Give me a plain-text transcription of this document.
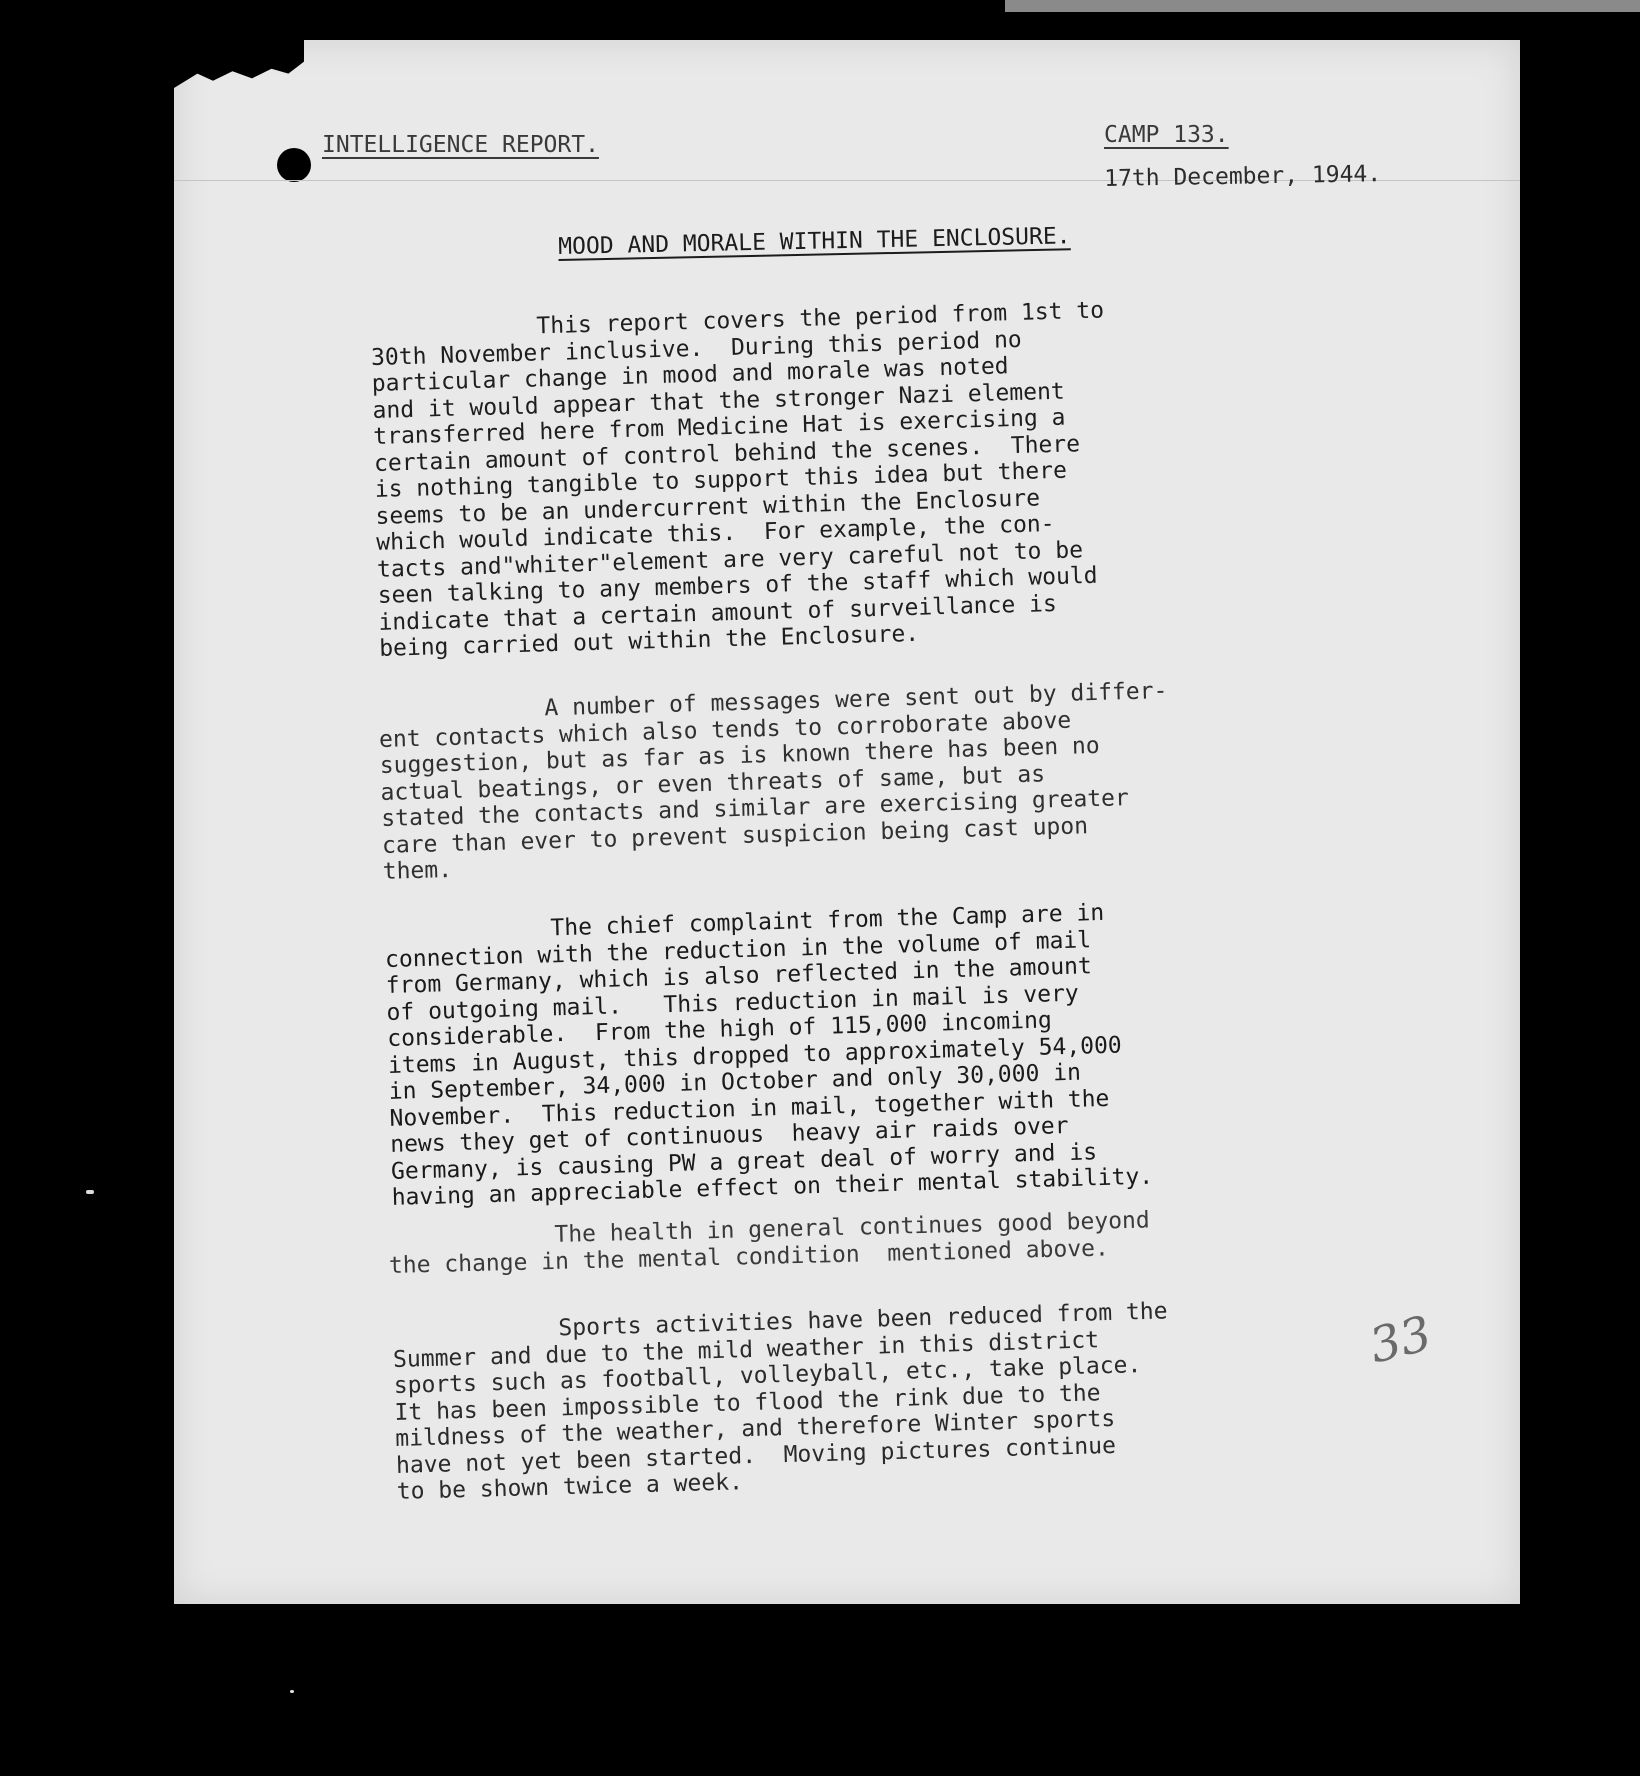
INTELLIGENCE REPORT.	CAMP 133.
17th December, 1944.
MOOD AND MORALE WITHIN THE ENCLOSURE.

This report covers the period from 1st to
30th November inclusive.  During this period no
particular change in mood and morale was noted
and it would appear that the stronger Nazi element
transferred here from Medicine Hat is exercising a
certain amount of control behind the scenes.  There
is nothing tangible to support this idea but there
seems to be an undercurrent within the Enclosure
which would indicate this.  For example, the con-
tacts and"whiter"element are very careful not to be
seen talking to any members of the staff which would
indicate that a certain amount of surveillance is
being carried out within the Enclosure.

A number of messages were sent out by differ-
ent contacts which also tends to corroborate above
suggestion, but as far as is known there has been no
actual beatings, or even threats of same, but as
stated the contacts and similar are exercising greater
care than ever to prevent suspicion being cast upon
them.

The chief complaint from the Camp are in
connection with the reduction in the volume of mail
from Germany, which is also reflected in the amount
of outgoing mail.   This reduction in mail is very
considerable.  From the high of 115,000 incoming
items in August, this dropped to approximately 54,000
in September, 34,000 in October and only 30,000 in
November.  This reduction in mail, together with the
news they get of continuous  heavy air raids over
Germany, is causing PW a great deal of worry and is
having an appreciable effect on their mental stability.

The health in general continues good beyond
the change in the mental condition  mentioned above.

Sports activities have been reduced from the
Summer and due to the mild weather in this district
sports such as football, volleyball, etc., take place.
It has been impossible to flood the rink due to the
mildness of the weather, and therefore Winter sports
have not yet been started.  Moving pictures continue
to be shown twice a week.

33
